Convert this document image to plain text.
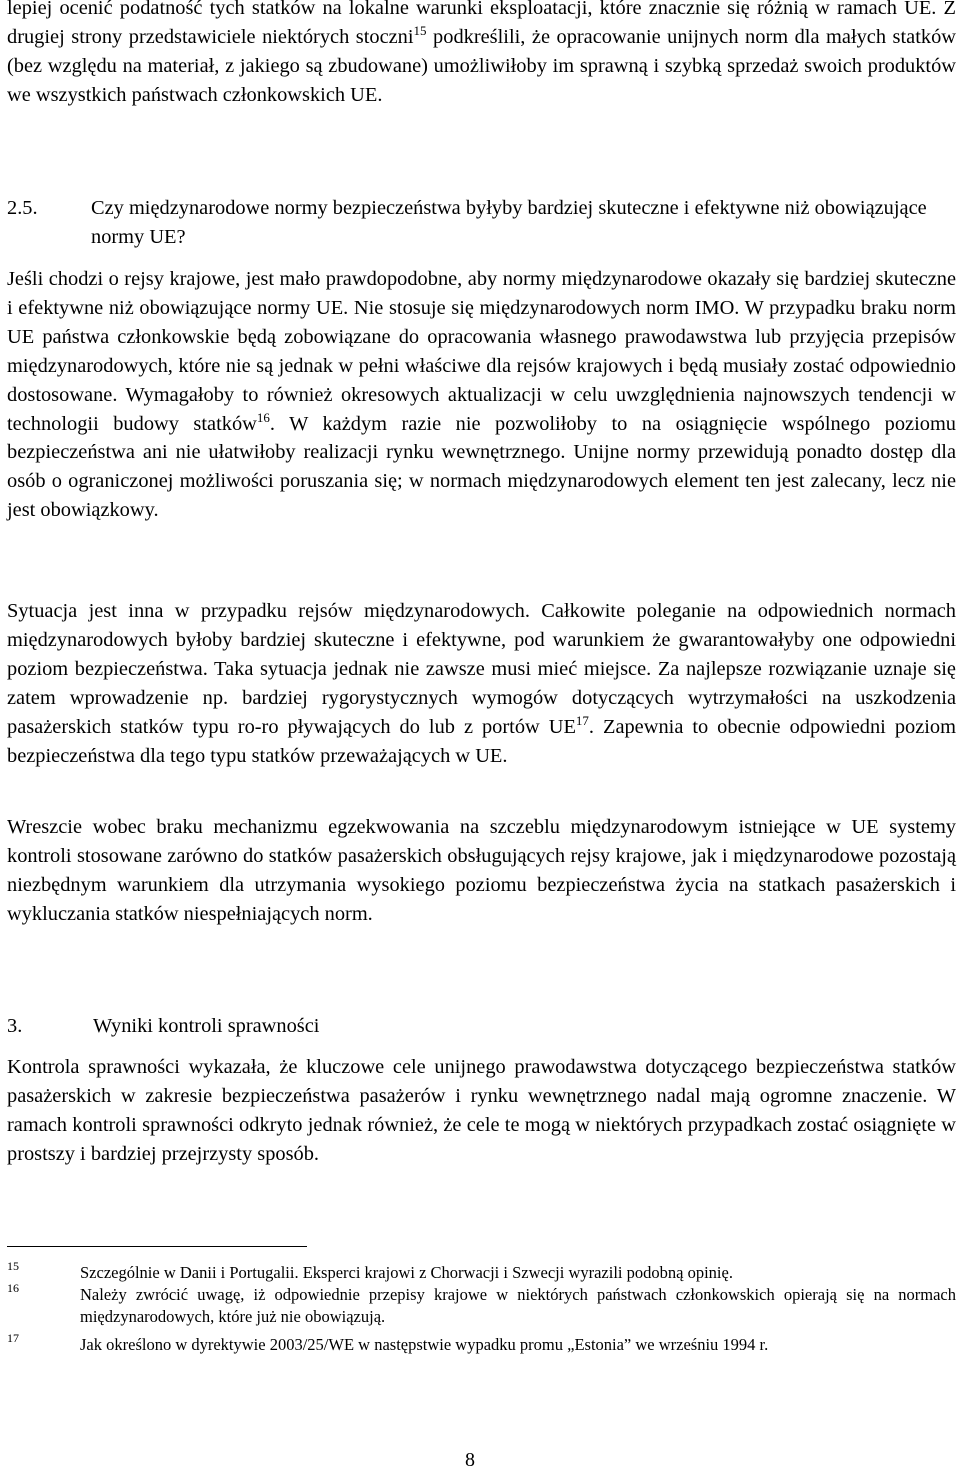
lepiej ocenić podatność tych statków na lokalne warunki eksploatacji, które znacznie się różnią w ramach UE. Z drugiej strony przedstawiciele niektórych stoczni$^{15}$ podkreślili, że opracowanie unijnych norm dla małych statków (bez względu na materiał, z jakiego są zbudowane) umożliwiłoby im sprawną i szybką sprzedaż swoich produktów we wszystkich państwach członkowskich UE.

2.5.	Czy międzynarodowe normy bezpieczeństwa byłyby bardziej skuteczne i efektywne niż obowiązujące normy UE?

Jeśli chodzi o rejsy krajowe, jest mało prawdopodobne, aby normy międzynarodowe okazały się bardziej skuteczne i efektywne niż obowiązujące normy UE. Nie stosuje się międzynarodowych norm IMO. W przypadku braku norm UE państwa członkowskie będą zobowiązane do opracowania własnego prawodawstwa lub przyjęcia przepisów międzynarodowych, które nie są jednak w pełni właściwe dla rejsów krajowych i będą musiały zostać odpowiednio dostosowane. Wymagałoby to również okresowych aktualizacji w celu uwzględnienia najnowszych tendencji w technologii budowy statków$^{16}$. W każdym razie nie pozwoliłoby to na osiągnięcie wspólnego poziomu bezpieczeństwa ani nie ułatwiłoby realizacji rynku wewnętrznego. Unijne normy przewidują ponadto dostęp dla osób o ograniczonej możliwości poruszania się; w normach międzynarodowych element ten jest zalecany, lecz nie jest obowiązkowy.

Sytuacja jest inna w przypadku rejsów międzynarodowych. Całkowite poleganie na odpowiednich normach międzynarodowych byłoby bardziej skuteczne i efektywne, pod warunkiem że gwarantowałyby one odpowiedni poziom bezpieczeństwa. Taka sytuacja jednak nie zawsze musi mieć miejsce. Za najlepsze rozwiązanie uznaje się zatem wprowadzenie np. bardziej rygorystycznych wymogów dotyczących wytrzymałości na uszkodzenia pasażerskich statków typu ro-ro pływających do lub z portów UE$^{17}$. Zapewnia to obecnie odpowiedni poziom bezpieczeństwa dla tego typu statków przeważających w UE.

Wreszcie wobec braku mechanizmu egzekwowania na szczeblu międzynarodowym istniejące w UE systemy kontroli stosowane zarówno do statków pasażerskich obsługujących rejsy krajowe, jak i międzynarodowe pozostają niezbędnym warunkiem dla utrzymania wysokiego poziomu bezpieczeństwa życia na statkach pasażerskich i wykluczania statków niespełniających norm.

3.	Wyniki kontroli sprawności

Kontrola sprawności wykazała, że kluczowe cele unijnego prawodawstwa dotyczącego bezpieczeństwa statków pasażerskich w zakresie bezpieczeństwa pasażerów i rynku wewnętrznego nadal mają ogromne znaczenie. W ramach kontroli sprawności odkryto jednak również, że cele te mogą w niektórych przypadkach zostać osiągnięte w prostszy i bardziej przejrzysty sposób.

15	Szczególnie w Danii i Portugalii. Eksperci krajowi z Chorwacji i Szwecji wyrazili podobną opinię.
16	Należy zwrócić uwagę, iż odpowiednie przepisy krajowe w niektórych państwach członkowskich opierają się na normach międzynarodowych, które już nie obowiązują.
17	Jak określono w dyrektywie 2003/25/WE w następstwie wypadku promu „Estonia” we wrześniu 1994 r.
8
